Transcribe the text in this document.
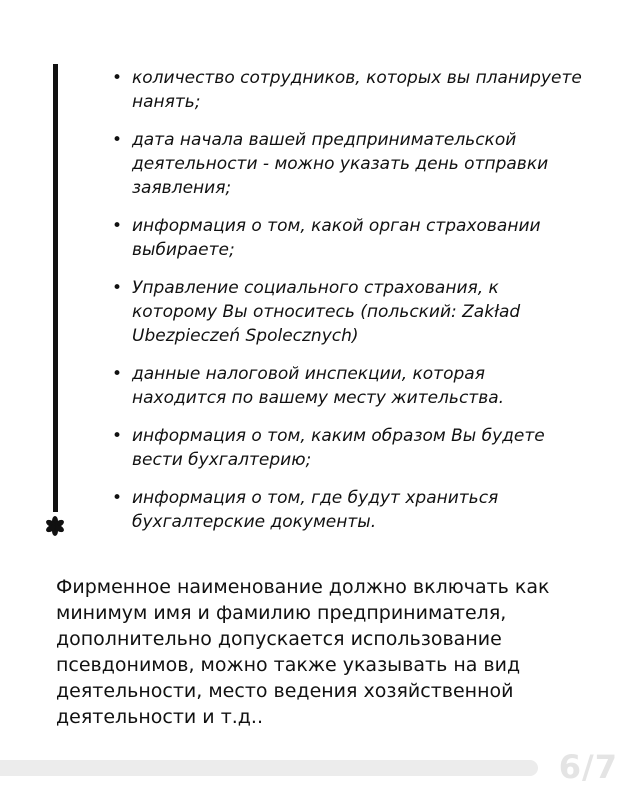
• количество сотрудников, которых вы планируете нанять;
• дата начала вашей предпринимательской деятельности - можно указать день отправки заявления;
• информация о том, какой орган страховании выбираете;
• Управление социального страхования, к которому Вы относитесь (польский: Zakład Ubezpieczeń Spolecznych)
• данные налоговой инспекции, которая находится по вашему месту жительства.
• информация о том, каким образом Вы будете вести бухгалтерию;
• информация о том, где будут храниться бухгалтерские документы.

Фирменное наименование должно включать как минимум имя и фамилию предпринимателя, дополнительно допускается использование псевдонимов, можно также указывать на вид деятельности, место ведения хозяйственной деятельности и т.д..

6/7
